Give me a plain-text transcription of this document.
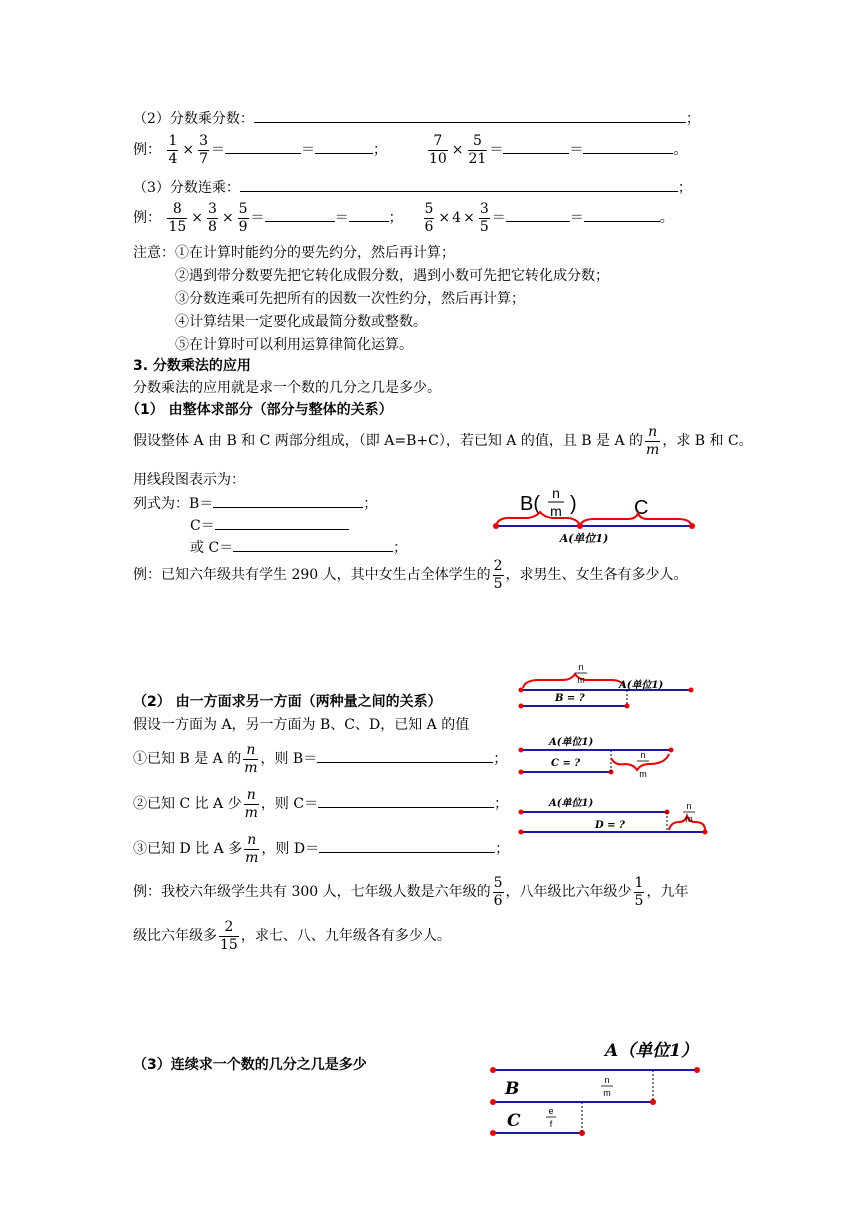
（2）分数乘分数：	；
例： $\frac{1}{4} \times \frac{3}{7}$ ＝	＝	；	$\frac{7}{10} \times \frac{5}{21}$ ＝	＝	。
（3）分数连乘：	；
例： $\frac{8}{15} \times \frac{3}{8} \times \frac{5}{9}$ ＝	＝	； $\frac{5}{6} \times 4 \times \frac{3}{5}$ ＝	＝	。
注意：①在计算时能约分的要先约分，然后再计算；
②遇到带分数要先把它转化成假分数，遇到小数可先把它转化成分数；
③分数连乘可先把所有的因数一次性约分，然后再计算；
④计算结果一定要化成最简分数或整数。
⑤在计算时可以利用运算律简化运算。
3. 分数乘法的应用
分数乘法的应用就是求一个数的几分之几是多少。
（1） 由整体求部分（部分与整体的关系）
假设整体 A 由 B 和 C 两部分组成，（即 A=B+C），若已知 A 的值，且 B 是 A 的 $\frac{n}{m}$ ，求 B 和 C。
用线段图表示为：
列式为：B＝	；
C＝
或 C＝	；
B( n
m )	C
A(单位1)
例：已知六年级共有学生 290 人，其中女生占全体学生的 $\frac{2}{5}$ ，求男生、女生各有多少人。
（2） 由一方面求另一方面（两种量之间的关系）
假设一方面为 A，另一方面为 B、C、D，已知 A 的值
①已知 B 是 A 的 $\frac{n}{m}$ ，则 B＝	；
②已知 C 比 A 少 $\frac{n}{m}$ ，则 C＝	；
③已知 D 比 A 多 $\frac{n}{m}$ ，则 D＝	；
n
m	A(单位1)
B = ?
A(单位1)
C = ?
n
m
A(单位1)
D = ?
n
m
例：我校六年级学生共有 300 人，七年级人数是六年级的 $\frac{5}{6}$ ，八年级比六年级少 $\frac{1}{5}$ ，九年
级比六年级多 $\frac{2}{15}$ ，求七、八、九年级各有多少人。
（3）连续求一个数的几分之几是多少
A（单位1）
B	n
m
C	e
f
